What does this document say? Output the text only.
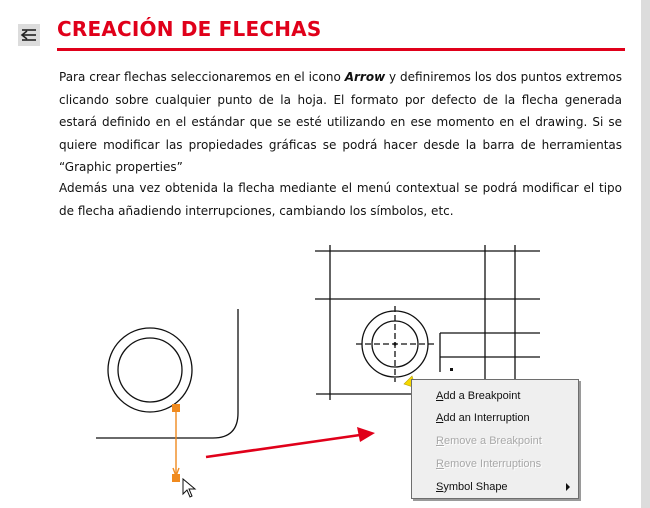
CREACIÓN DE FLECHAS

Para crear flechas seleccionaremos en el icono Arrow y definiremos los dos puntos extremos clicando sobre cualquier punto de la hoja. El formato por defecto de la flecha generada estará definido en el estándar que se esté utilizando en ese momento en el drawing. Si se quiere modificar las propiedades gráficas se podrá hacer desde la barra de herramientas “Graphic properties”

Además una vez obtenida la flecha mediante el menú contextual se podrá modificar el tipo de flecha añadiendo interrupciones, cambiando los símbolos, etc.

Add a Breakpoint
Add an Interruption
Remove a Breakpoint
Remove Interruptions
Symbol Shape
